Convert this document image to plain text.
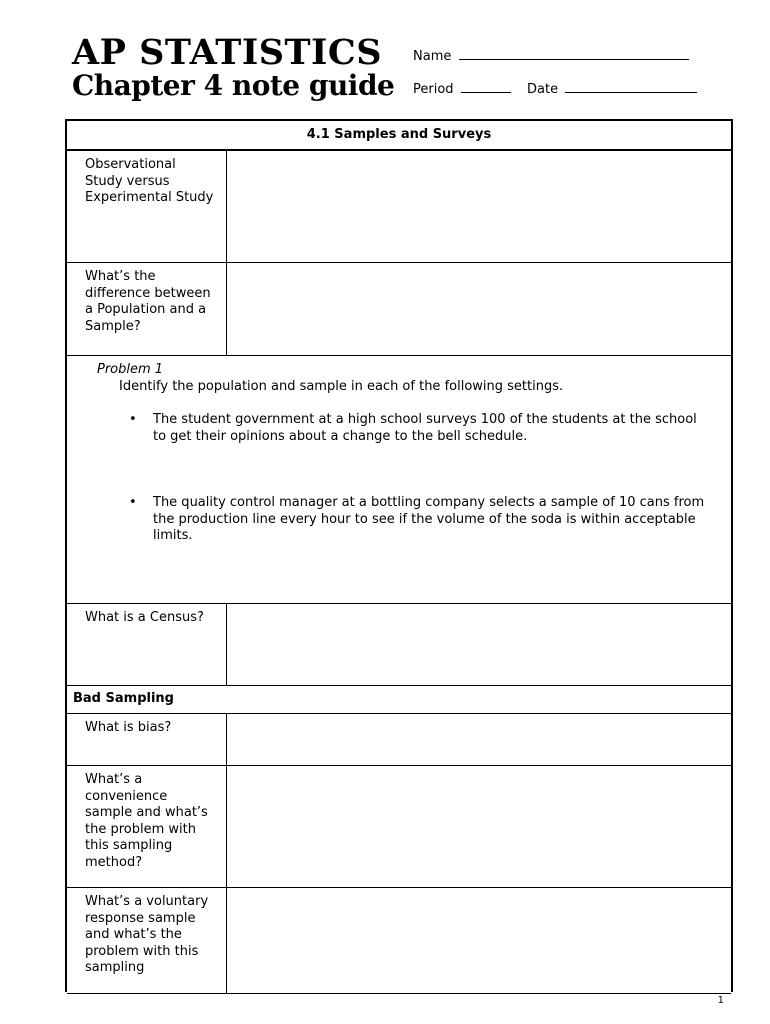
AP STATISTICS
Chapter 4 note guide
Name
Period	Date
4.1 Samples and Surveys
Observational Study versus Experimental Study
What’s the difference between a Population and a Sample?
Problem 1
Identify the population and sample in each of the following settings.
• The student government at a high school surveys 100 of the students at the school to get their opinions about a change to the bell schedule.
• The quality control manager at a bottling company selects a sample of 10 cans from the production line every hour to see if the volume of the soda is within acceptable limits.
What is a Census?
Bad Sampling
What is bias?
What’s a convenience sample and what’s the problem with this sampling method?
What’s a voluntary response sample and what’s the problem with this sampling
1
